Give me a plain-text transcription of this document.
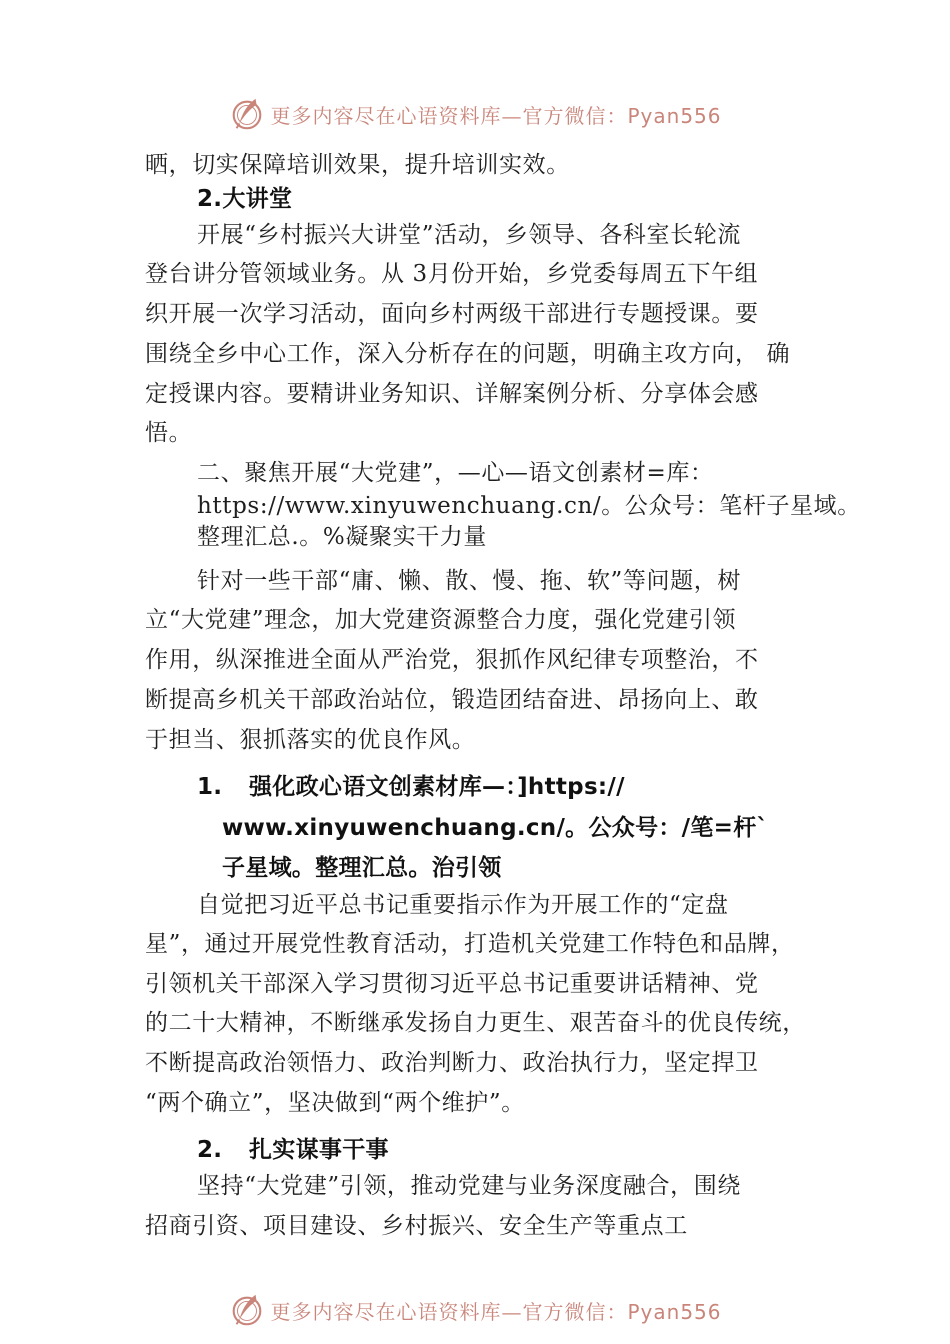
更多内容尽在心语资料库—官方微信：Pyan556
晒，切实保障培训效果，提升培训实效。
2.大讲堂
开展“乡村振兴大讲堂”活动，乡领导、各科室长轮流
登台讲分管领域业务。从 3月份开始，乡党委每周五下午组
织开展一次学习活动，面向乡村两级干部进行专题授课。要
围绕全乡中心工作，深入分析存在的问题，明确主攻方向， 确
定授课内容。要精讲业务知识、详解案例分析、分享体会感
悟。
二、聚焦开展“大党建”，—心—语文创素材=库：
https://www.xinyuwenchuang.cn/。公众号：笔杆子星域。
整理汇总.。%凝聚实干力量
针对一些干部“庸、懒、散、慢、拖、软”等问题，树
立“大党建”理念，加大党建资源整合力度，强化党建引领
作用，纵深推进全面从严治党，狠抓作风纪律专项整治，不
断提高乡机关干部政治站位，锻造团结奋进、昂扬向上、敢
于担当、狠抓落实的优良作风。
1. 强化政心语文创素材库—：]https://
www.xinyuwenchuang.cn/。公众号：/笔=杆`
子星域。整理汇总。治引领
自觉把习近平总书记重要指示作为开展工作的“定盘
星”，通过开展党性教育活动，打造机关党建工作特色和品牌，
引领机关干部深入学习贯彻习近平总书记重要讲话精神、党
的二十大精神，不断继承发扬自力更生、艰苦奋斗的优良传统，
不断提高政治领悟力、政治判断力、政治执行力，坚定捍卫
“两个确立”，坚决做到“两个维护”。
2. 扎实谋事干事
坚持“大党建”引领，推动党建与业务深度融合，围绕
招商引资、项目建设、乡村振兴、安全生产等重点工
更多内容尽在心语资料库—官方微信：Pyan556
